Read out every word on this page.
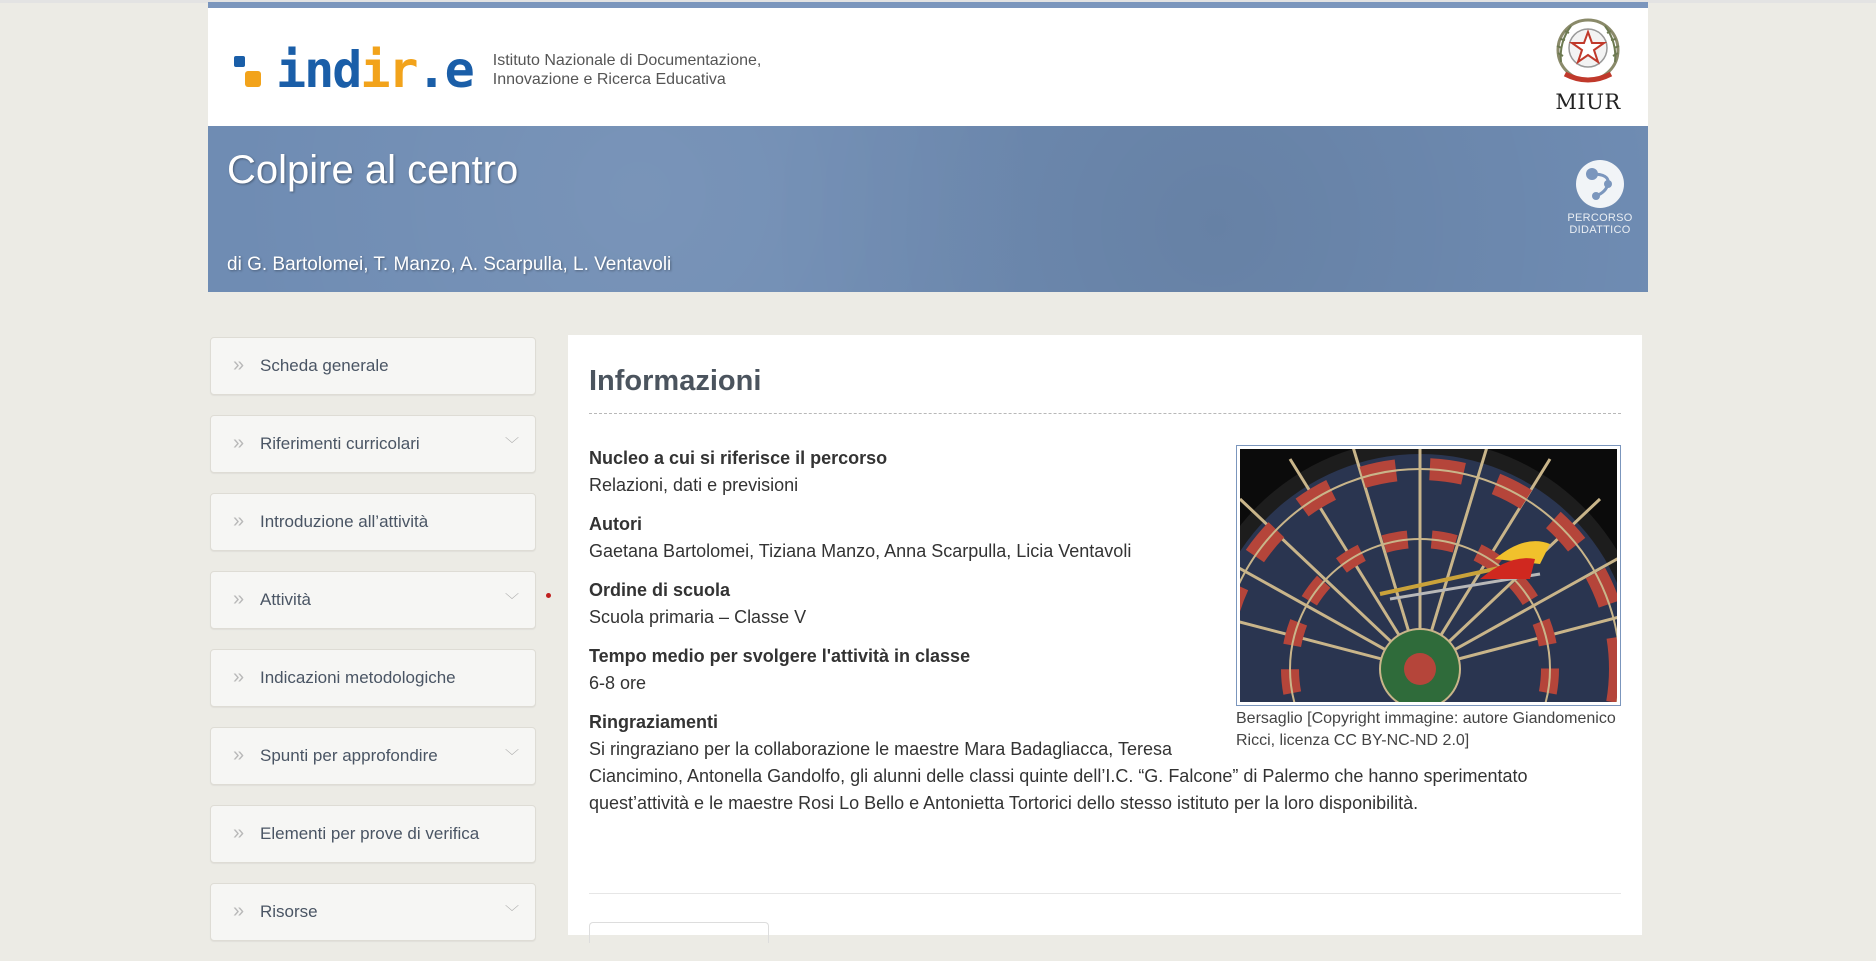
indir.e Istituto Nazionale di Documentazione,
Innovazione e Ricerca Educativa
MIUR
Colpire al centro
di G. Bartolomei, T. Manzo, A. Scarpulla, L. Ventavoli
PERCORSO
DIDATTICO
» Scheda generale
» Riferimenti curricolari	﹀
» Introduzione all’attività
» Attività	﹀
» Indicazioni metodologiche
» Spunti per approfondire	﹀
» Elementi per prove di verifica
» Risorse	﹀
Informazioni
Bersaglio [Copyright immagine: autore Giandomenico Ricci, licenza CC BY-NC-ND 2.0]
Nucleo a cui si riferisce il percorso
Relazioni, dati e previsioni
Autori
Gaetana Bartolomei, Tiziana Manzo, Anna Scarpulla, Licia Ventavoli
Ordine di scuola
Scuola primaria – Classe V
Tempo medio per svolgere l'attività in classe
6-8 ore
Ringraziamenti
Si ringraziano per la collaborazione le maestre Mara Badagliacca, Teresa Ciancimino, Antonella Gandolfo, gli alunni delle classi quinte dell’I.C. “G. Falcone” di Palermo che hanno sperimentato quest’attività e le maestre Rosi Lo Bello e Antonietta Tortorici dello stesso istituto per la loro disponibilità.
